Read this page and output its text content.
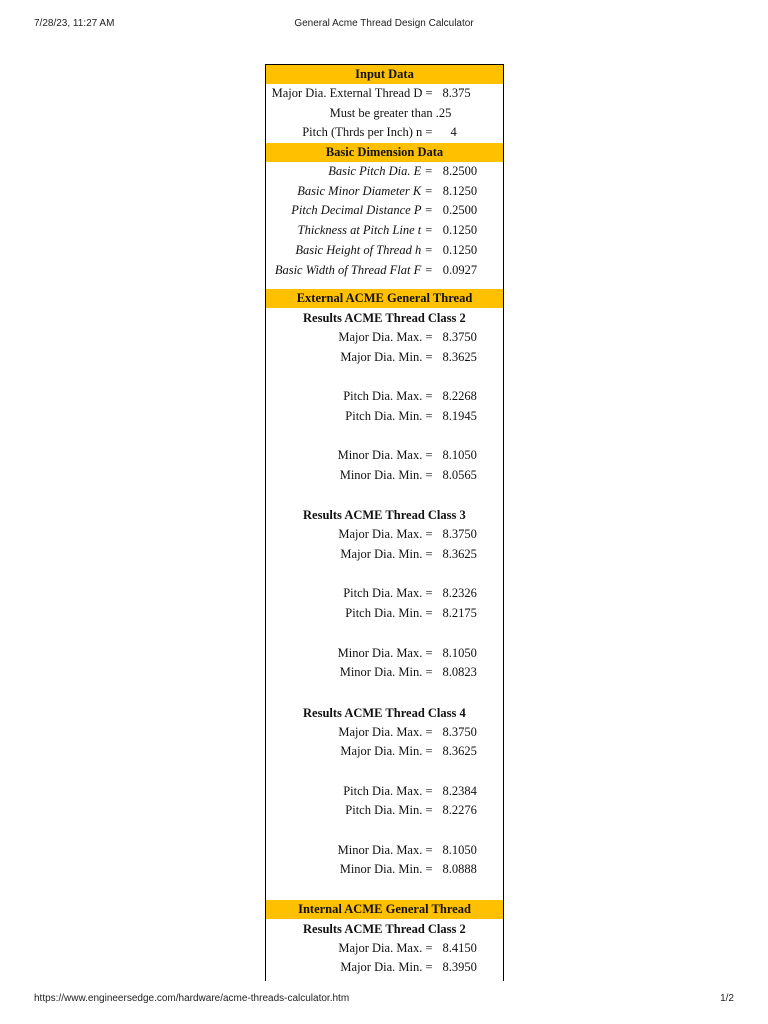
7/28/23, 11:27 AM	General Acme Thread Design Calculator
Input Data
Major Dia. External Thread D = 8.375
Must be greater than .25
Pitch (Thrds per Inch) n =	4
Basic Dimension Data
Basic Pitch Dia. E = 8.2500
Basic Minor Diameter K = 8.1250
Pitch Decimal Distance P = 0.2500
Thickness at Pitch Line t = 0.1250
Basic Height of Thread h = 0.1250
Basic Width of Thread Flat F = 0.0927
External ACME General Thread
Results ACME Thread Class 2
Major Dia. Max. = 8.3750
Major Dia. Min. = 8.3625
Pitch Dia. Max. = 8.2268
Pitch Dia. Min. = 8.1945
Minor Dia. Max. = 8.1050
Minor Dia. Min. = 8.0565
Results ACME Thread Class 3
Major Dia. Max. = 8.3750
Major Dia. Min. = 8.3625
Pitch Dia. Max. = 8.2326
Pitch Dia. Min. = 8.2175
Minor Dia. Max. = 8.1050
Minor Dia. Min. = 8.0823
Results ACME Thread Class 4
Major Dia. Max. = 8.3750
Major Dia. Min. = 8.3625
Pitch Dia. Max. = 8.2384
Pitch Dia. Min. = 8.2276
Minor Dia. Max. = 8.1050
Minor Dia. Min. = 8.0888
Internal ACME General Thread
Results ACME Thread Class 2
Major Dia. Max. = 8.4150
Major Dia. Min. = 8.3950
https://www.engineersedge.com/hardware/acme-threads-calculator.htm	1/2
